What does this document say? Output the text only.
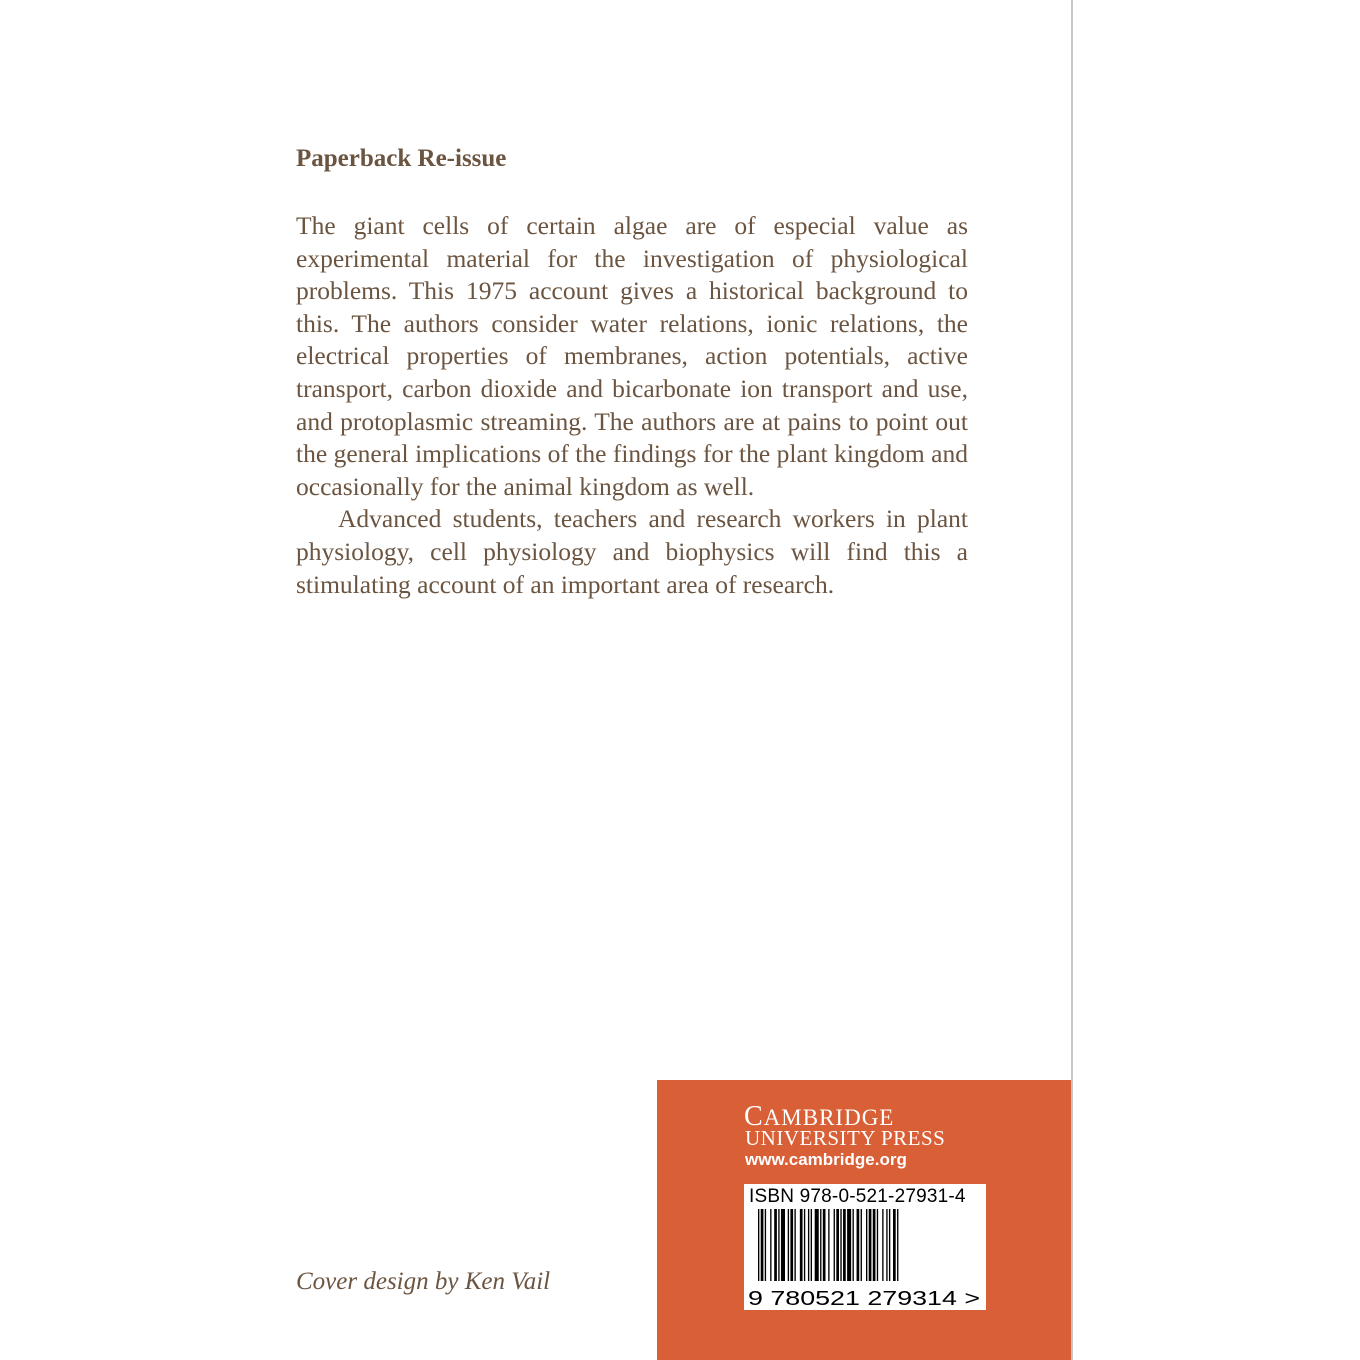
Paperback Re-issue

The giant cells of certain algae are of especial value as experimental material for the investigation of physiological problems. This 1975 account gives a historical background to this. The authors consider water relations, ionic relations, the electrical properties of membranes, action potentials, active transport, carbon dioxide and bicarbonate ion transport and use, and protoplasmic streaming. The authors are at pains to point out the general implications of the findings for the plant kingdom and occasionally for the animal kingdom as well.

Advanced students, teachers and research workers in plant physiology, cell physiology and biophysics will find this a stimulating account of an important area of research.

Cover design by Ken Vail
cambridge
UNIVERSITY PRESS
www.cambridge.org
ISBN 978-0-521-27931-4
9 780521 279314 >
